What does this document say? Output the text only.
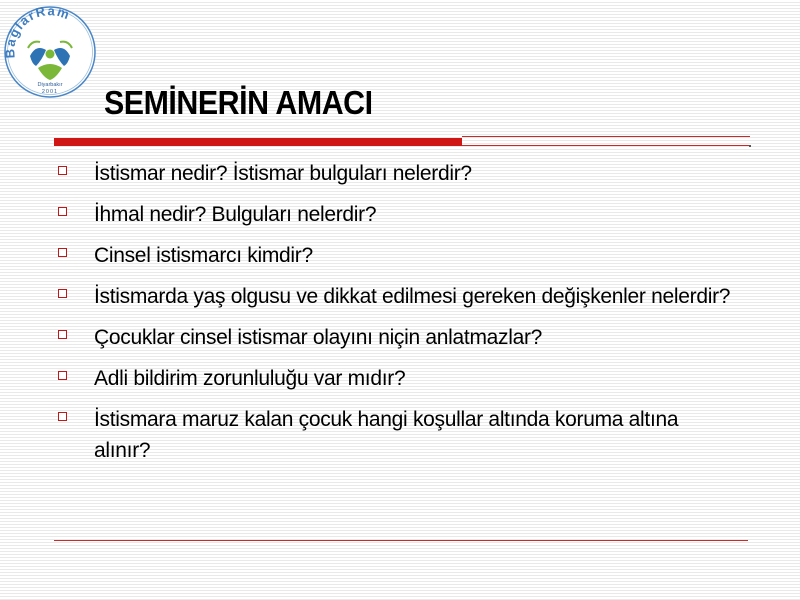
BağlarRam
Diyarbakır
2001 SEMİNERİN AMACI
İstismar nedir? İstismar bulguları nelerdir?
İhmal nedir? Bulguları nelerdir?
Cinsel istismarcı kimdir?
İstismarda yaş olgusu ve dikkat edilmesi gereken değişkenler nelerdir?
Çocuklar cinsel istismar olayını niçin anlatmazlar?
Adli bildirim zorunluluğu var mıdır?
İstismara maruz kalan çocuk hangi koşullar altında koruma altına alınır?
